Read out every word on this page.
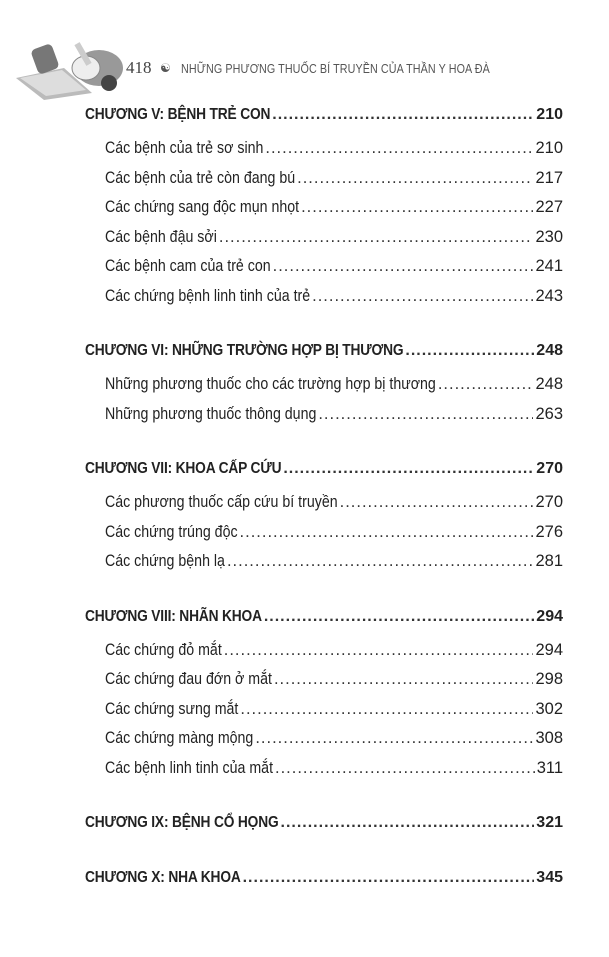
418 ☯ NHỮNG PHƯƠNG THUỐC BÍ TRUYỀN CỦA THẦN Y HOA ĐÀ
CHƯƠNG V: BỆNH TRẺ CON .....	210
Các bệnh của trẻ sơ sinh .....	210
Các bệnh của trẻ còn đang bú .....	217
Các chứng sang độc mụn nhọt .....	227
Các bệnh đậu sởi .....	230
Các bệnh cam của trẻ con .....	241
Các chứng bệnh linh tinh của trẻ .....	243
CHƯƠNG VI: NHỮNG TRƯỜNG HỢP BỊ THƯƠNG .....	248
Những phương thuốc cho các trường hợp bị thương .....	248
Những phương thuốc thông dụng .....	263
CHƯƠNG VII: KHOA CẤP CỨU .....	270
Các phương thuốc cấp cứu bí truyền .....	270
Các chứng trúng độc .....	276
Các chứng bệnh lạ .....	281
CHƯƠNG VIII: NHÃN KHOA .....	294
Các chứng đỏ mắt .....	294
Các chứng đau đớn ở mắt .....	298
Các chứng sưng mắt .....	302
Các chứng màng mộng .....	308
Các bệnh linh tinh của mắt .....	311
CHƯƠNG IX: BỆNH CỔ HỌNG .....	321
CHƯƠNG X: NHA KHOA .....	345
